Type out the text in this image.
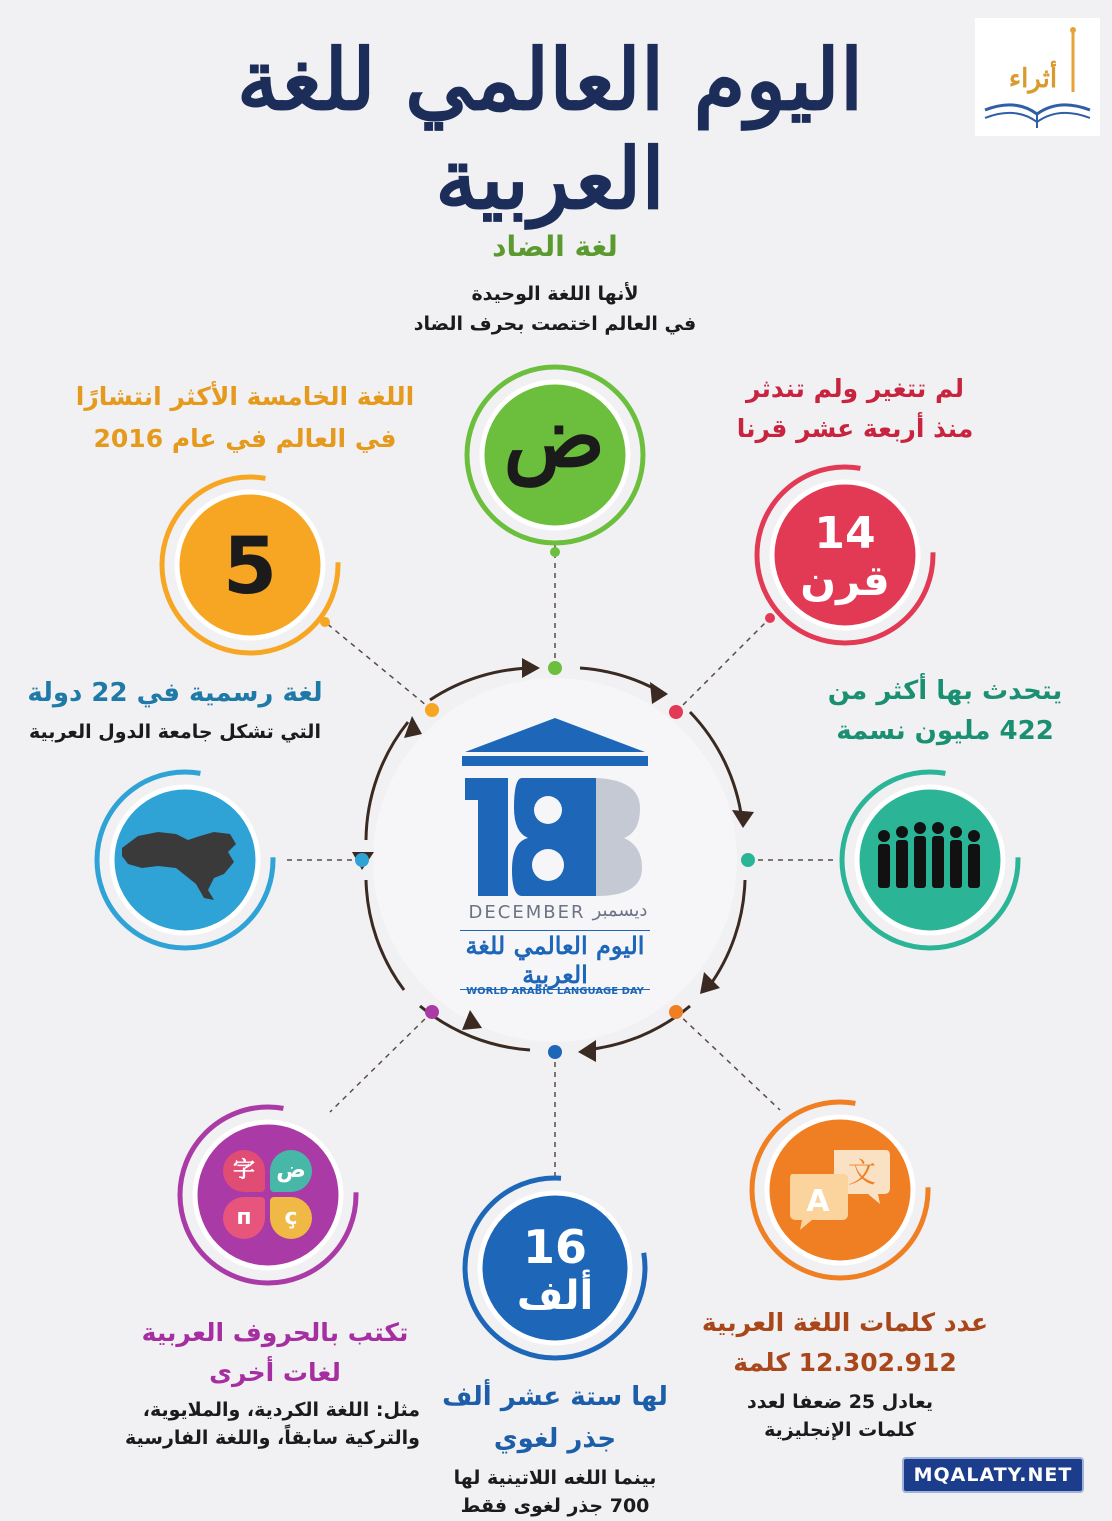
اليوم العالمي للغة العربية
أثراء
DECEMBER ديسمبر
اليوم العالمي للغة العربية
WORLD ARABIC LANGUAGE DAY
لغة الضاد
لأنها اللغة الوحيدة
في العالم اختصت بحرف الضاد
ض	لم تتغير ولم تندثر
منذ أربعة عشر قرنا
14
قرن
يتحدث بها أكثر من
422 مليون نسمة
文
A
عدد كلمات اللغة العربية
12.302.912 كلمة
يعادل 25 ضعفا لعدد
كلمات الإنجليزية
16
ألف
لها ستة عشر ألف
جذر لغوي
بينما اللغه اللاتينية لها
700 جذر لغوى فقط
字 ض
п	ç
تكتب بالحروف العربية
لغات أخرى
مثل: اللغة الكردية، والملايوية،
والتركية سابقاً، واللغة الفارسية
لغة رسمية في 22 دولة
التي تشكل جامعة الدول العربية
اللغة الخامسة الأكثر انتشارًا
في العالم في عام 2016
5
MQALATY.NET
